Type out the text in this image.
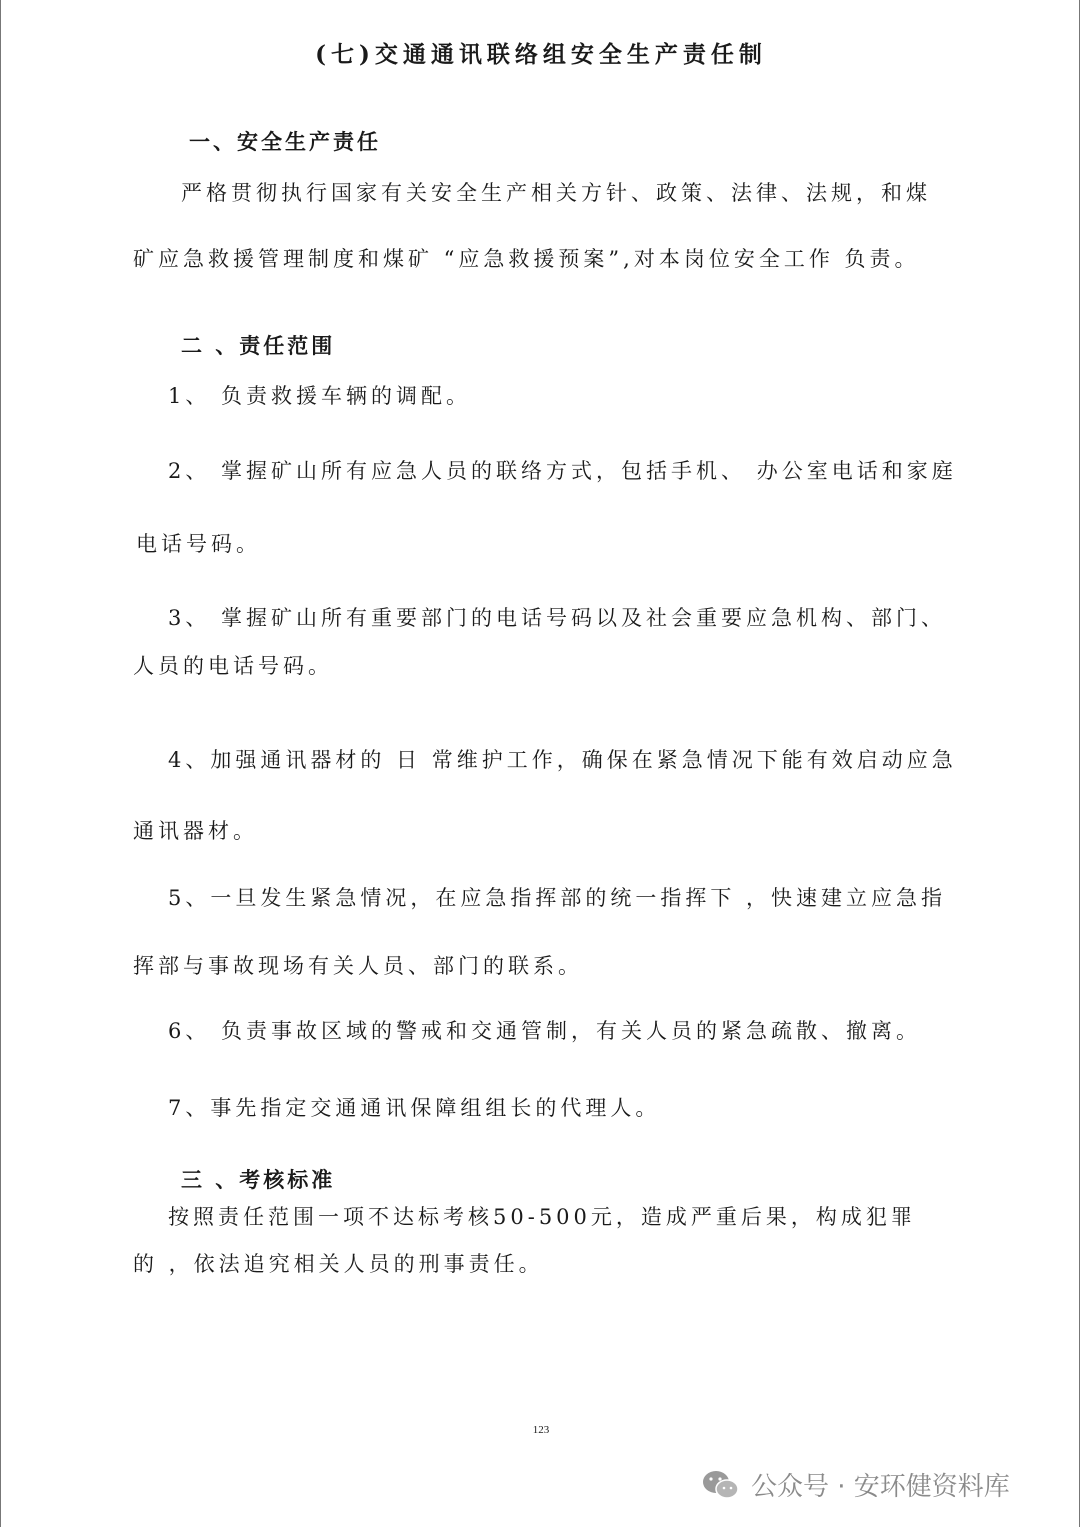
(七)交通通讯联络组安全生产责任制
一、安全生产责任
严格贯彻执行国家有关安全生产相关方针、政策、法律、法规，和煤
矿应急救援管理制度和煤矿 “应急救援预案”,对本岗位安全工作 负责。
二 、责任范围
1、 负责救援车辆的调配。
2、 掌握矿山所有应急人员的联络方式，包括手机、 办公室电话和家庭
电话号码。
3、 掌握矿山所有重要部门的电话号码以及社会重要应急机构、部门、
人员的电话号码。
4、加强通讯器材的 日 常维护工作，确保在紧急情况下能有效启动应急
通讯器材。
5、一旦发生紧急情况，在应急指挥部的统一指挥下 ，快速建立应急指
挥部与事故现场有关人员、部门的联系。
6、 负责事故区域的警戒和交通管制，有关人员的紧急疏散、撤离。
7、事先指定交通通讯保障组组长的代理人。
三 、考核标准
按照责任范围一项不达标考核50-500元，造成严重后果，构成犯罪
的 ，依法追究相关人员的刑事责任。
123
公众号 · 安环健资料库
